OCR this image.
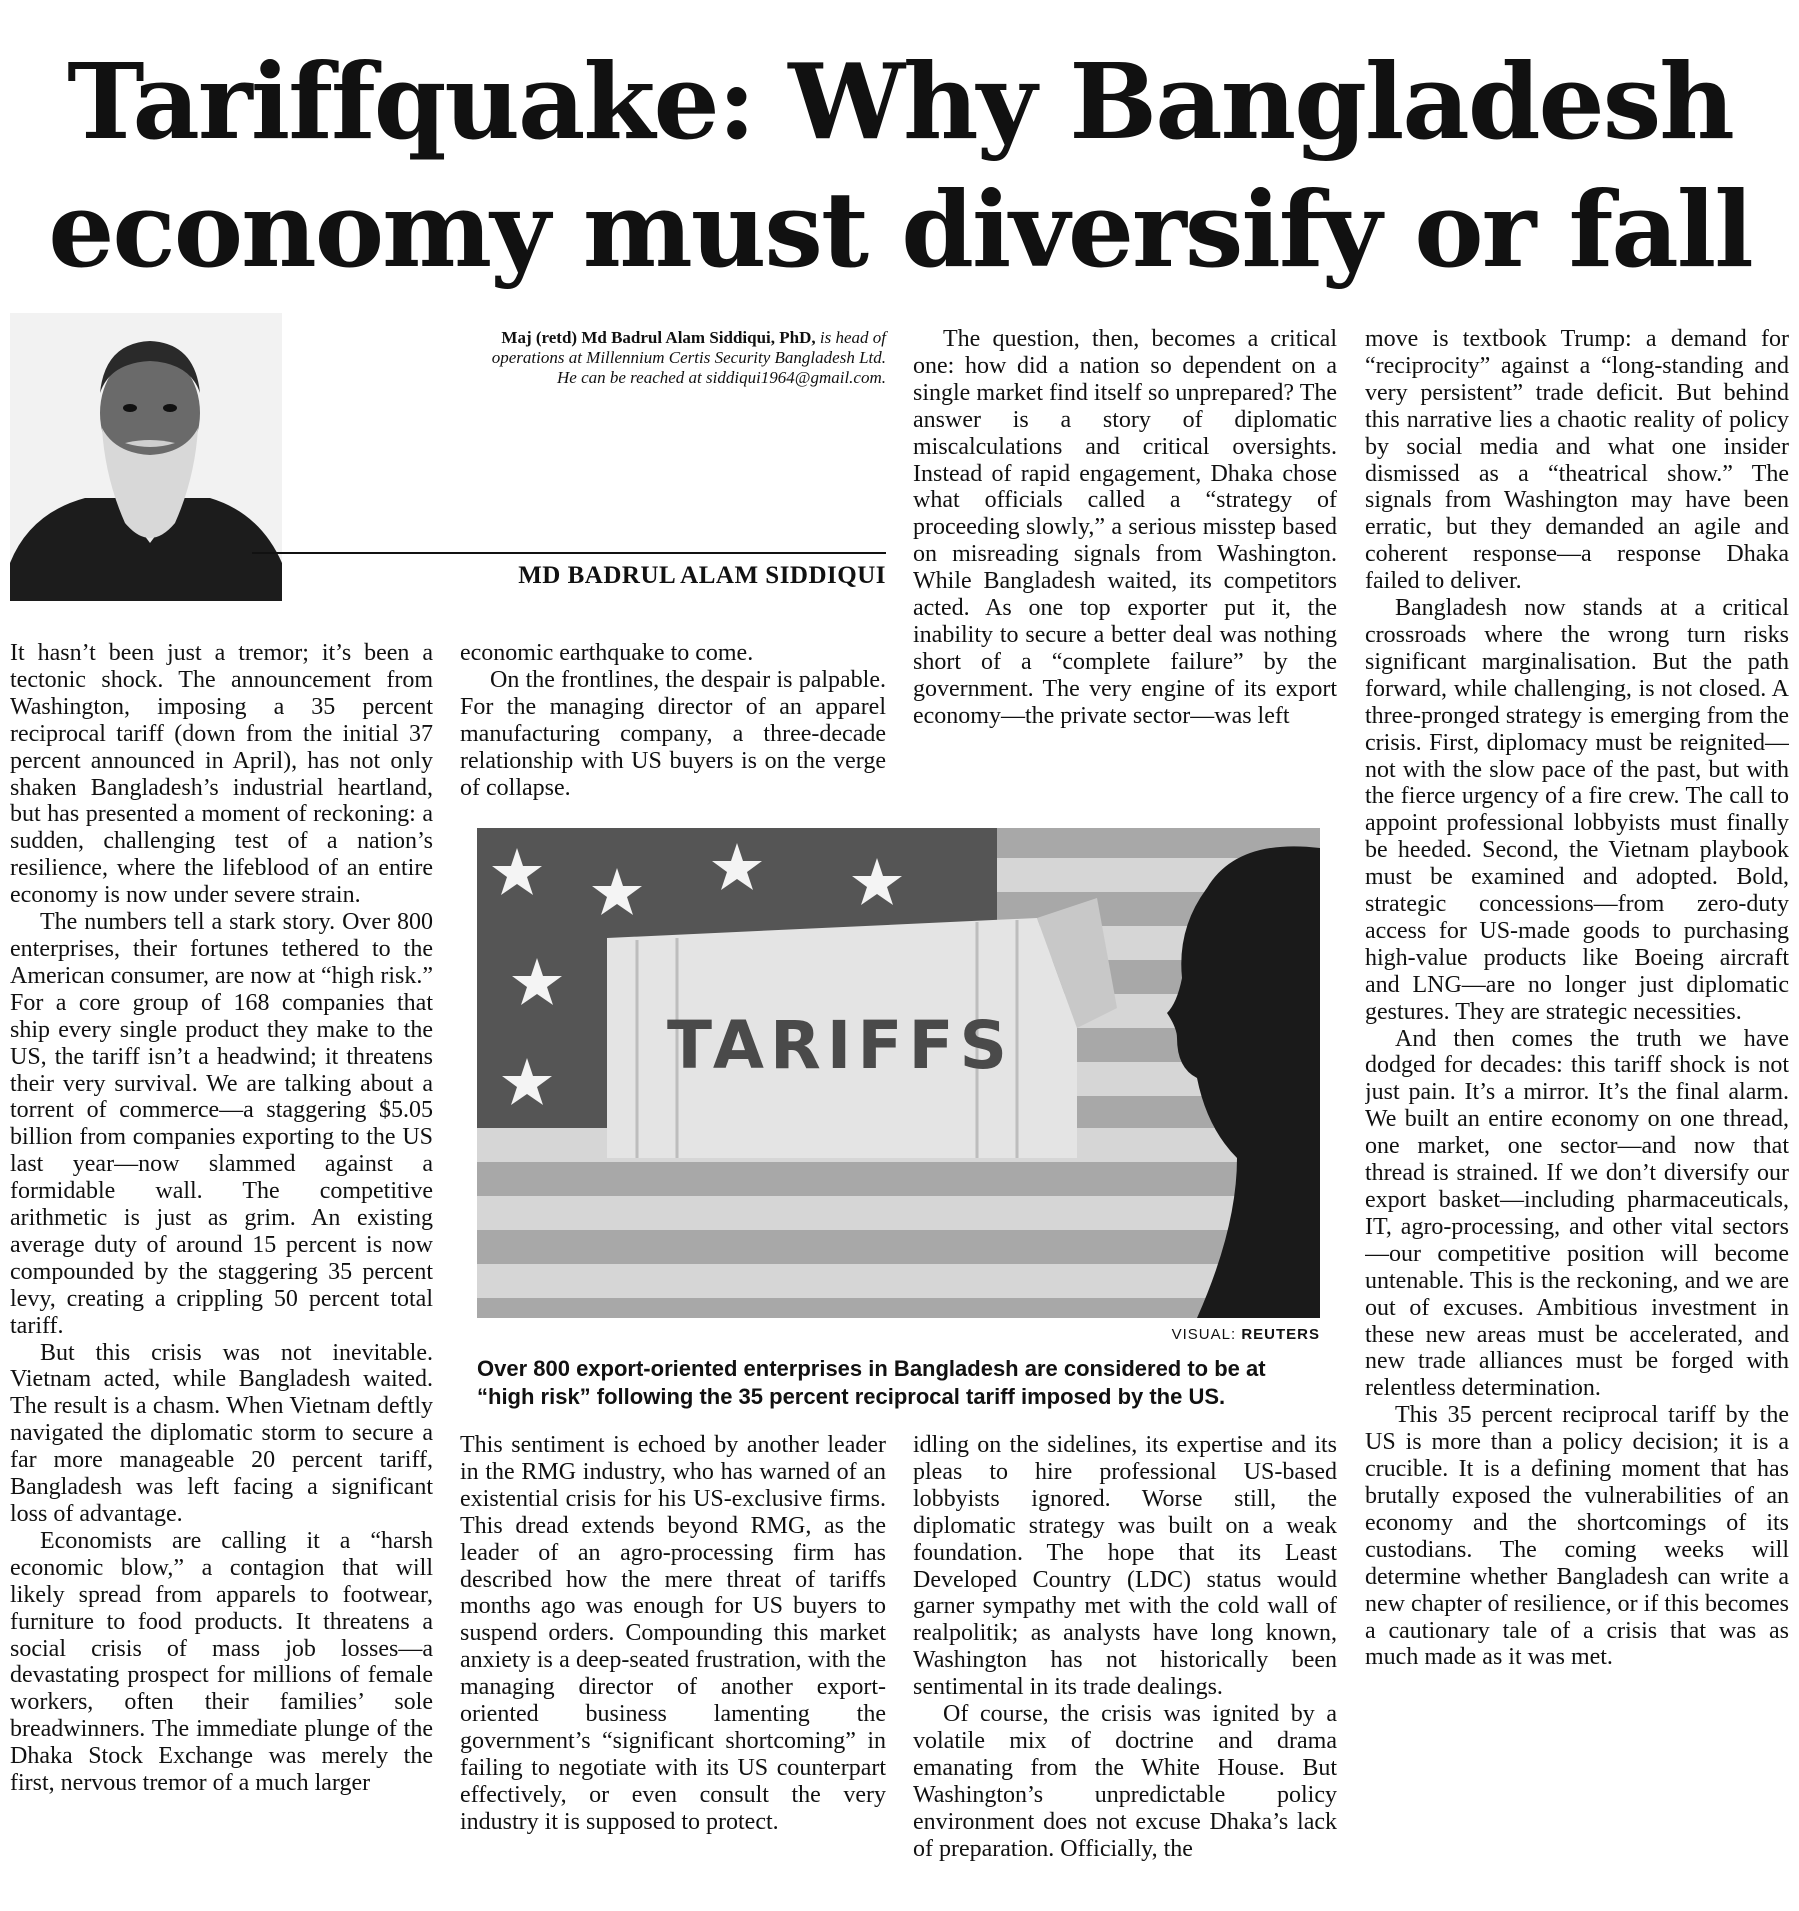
Tariffquake: Why Bangladesh
economy must diversify or fall
Maj (retd) Md Badrul Alam Siddiqui, PhD, is head of operations at Millennium Certis Security Bangladesh Ltd. He can be reached at siddiqui1964@gmail.com.
MD BADRUL ALAM SIDDIQUI

It hasn’t been just a tremor; it’s been a tectonic shock. The announcement from Washington, imposing a 35 percent reciprocal tariff (down from the initial 37 percent announced in April), has not only shaken Bangladesh’s industrial heartland, but has presented a moment of reckoning: a sudden, challenging test of a nation’s resilience, where the lifeblood of an entire economy is now under severe strain.

The numbers tell a stark story. Over 800 enterprises, their fortunes tethered to the American consumer, are now at “high risk.” For a core group of 168 companies that ship every single product they make to the US, the tariff isn’t a headwind; it threatens their very survival. We are talking about a torrent of commerce—a staggering $5.05 billion from companies exporting to the US last year—now slammed against a formidable wall. The competitive arithmetic is just as grim. An existing average duty of around 15 percent is now compounded by the staggering 35 percent levy, creating a crippling 50 percent total tariff.

But this crisis was not inevitable. Vietnam acted, while Bangladesh waited. The result is a chasm. When Vietnam deftly navigated the diplomatic storm to secure a far more manageable 20 percent tariff, Bangladesh was left facing a significant loss of advantage.

Economists are calling it a “harsh economic blow,” a contagion that will likely spread from apparels to footwear, furniture to food products. It threatens a social crisis of mass job losses—a devastating prospect for millions of female workers, often their families’ sole breadwinners. The immediate plunge of the Dhaka Stock Exchange was merely the first, nervous tremor of a much larger

economic earthquake to come.

On the frontlines, the despair is palpable. For the managing director of an apparel manufacturing company, a three-decade relationship with US buyers is on the verge of collapse.

The question, then, becomes a critical one: how did a nation so dependent on a single market find itself so unprepared? The answer is a story of diplomatic miscalculations and critical oversights. Instead of rapid engagement, Dhaka chose what officials called a “strategy of proceeding slowly,” a serious misstep based on misreading signals from Washington. While Bangladesh waited, its competitors acted. As one top exporter put it, the inability to secure a better deal was nothing short of a “complete failure” by the government. The very engine of its export economy—the private sector—was left

move is textbook Trump: a demand for “reciprocity” against a “long-standing and very persistent” trade deficit. But behind this narrative lies a chaotic reality of policy by social media and what one insider dismissed as a “theatrical show.” The signals from Washington may have been erratic, but they demanded an agile and coherent response—a response Dhaka failed to deliver.

Bangladesh now stands at a critical crossroads where the wrong turn risks significant marginalisation. But the path forward, while challenging, is not closed. A three-pronged strategy is emerging from the crisis. First, diplomacy must be reignited—not with the slow pace of the past, but with the fierce urgency of a fire crew. The call to appoint professional lobbyists must finally be heeded. Second, the Vietnam playbook must be examined and adopted. Bold, strategic concessions—from zero-duty access for US-made goods to purchasing high-value products like Boeing aircraft and LNG—are no longer just diplomatic gestures. They are strategic necessities.

And then comes the truth we have dodged for decades: this tariff shock is not just pain. It’s a mirror. It’s the final alarm. We built an entire economy on one thread, one market, one sector—and now that thread is strained. If we don’t diversify our export basket—including pharmaceuticals, IT, agro-processing, and other vital sectors—our competitive position will become untenable. This is the reckoning, and we are out of excuses. Ambitious investment in these new areas must be accelerated, and new trade alliances must be forged with relentless determination.

This 35 percent reciprocal tariff by the US is more than a policy decision; it is a crucible. It is a defining moment that has brutally exposed the vulnerabilities of an economy and the shortcomings of its custodians. The coming weeks will determine whether Bangladesh can write a new chapter of resilience, or if this becomes a cautionary tale of a crisis that was as much made as it was met.

TARIFFS
VISUAL: REUTERS
Over 800 export-oriented enterprises in Bangladesh are considered to be at “high risk” following the 35 percent reciprocal tariff imposed by the US.

This sentiment is echoed by another leader in the RMG industry, who has warned of an existential crisis for his US-exclusive firms. This dread extends beyond RMG, as the leader of an agro-processing firm has described how the mere threat of tariffs months ago was enough for US buyers to suspend orders. Compounding this market anxiety is a deep-seated frustration, with the managing director of another export-oriented business lamenting the government’s “significant shortcoming” in failing to negotiate with its US counterpart effectively, or even consult the very industry it is supposed to protect.

idling on the sidelines, its expertise and its pleas to hire professional US-based lobbyists ignored. Worse still, the diplomatic strategy was built on a weak foundation. The hope that its Least Developed Country (LDC) status would garner sympathy met with the cold wall of realpolitik; as analysts have long known, Washington has not historically been sentimental in its trade dealings.

Of course, the crisis was ignited by a volatile mix of doctrine and drama emanating from the White House. But Washington’s unpredictable policy environment does not excuse Dhaka’s lack of preparation. Officially, the
